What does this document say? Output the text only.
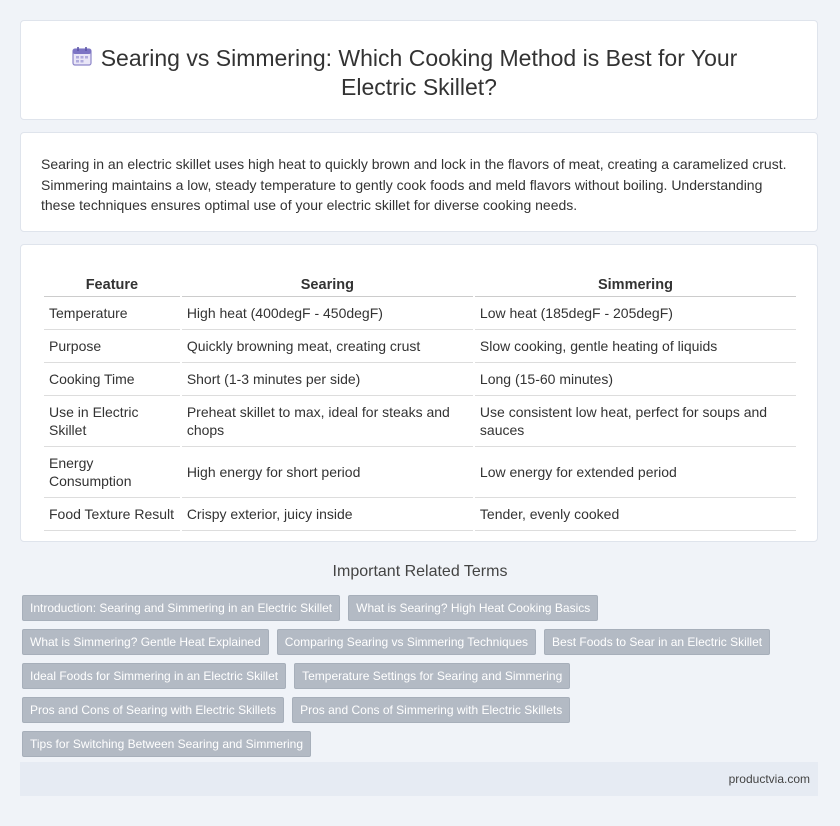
Searing vs Simmering: Which Cooking Method is Best for Your Electric Skillet?

Searing in an electric skillet uses high heat to quickly brown and lock in the flavors of meat, creating a caramelized crust. Simmering maintains a low, steady temperature to gently cook foods and meld flavors without boiling. Understanding these techniques ensures optimal use of your electric skillet for diverse cooking needs.

Feature	Searing	Simmering
Temperature	High heat (400degF - 450degF)	Low heat (185degF - 205degF)
Purpose	Quickly browning meat, creating crust	Slow cooking, gentle heating of liquids
Cooking Time	Short (1-3 minutes per side)	Long (15-60 minutes)
Use in Electric Skillet	Preheat skillet to max, ideal for steaks and chops	Use consistent low heat, perfect for soups and sauces
Energy Consumption	High energy for short period	Low energy for extended period
Food Texture Result	Crispy exterior, juicy inside	Tender, evenly cooked
Important Related Terms
Introduction: Searing and Simmering in an Electric Skillet	What is Searing? High Heat Cooking Basics
What is Simmering? Gentle Heat Explained	Comparing Searing vs Simmering Techniques	Best Foods to Sear in an Electric Skillet
Ideal Foods for Simmering in an Electric Skillet	Temperature Settings for Searing and Simmering
Pros and Cons of Searing with Electric Skillets	Pros and Cons of Simmering with Electric Skillets
Tips for Switching Between Searing and Simmering
productvia.com
